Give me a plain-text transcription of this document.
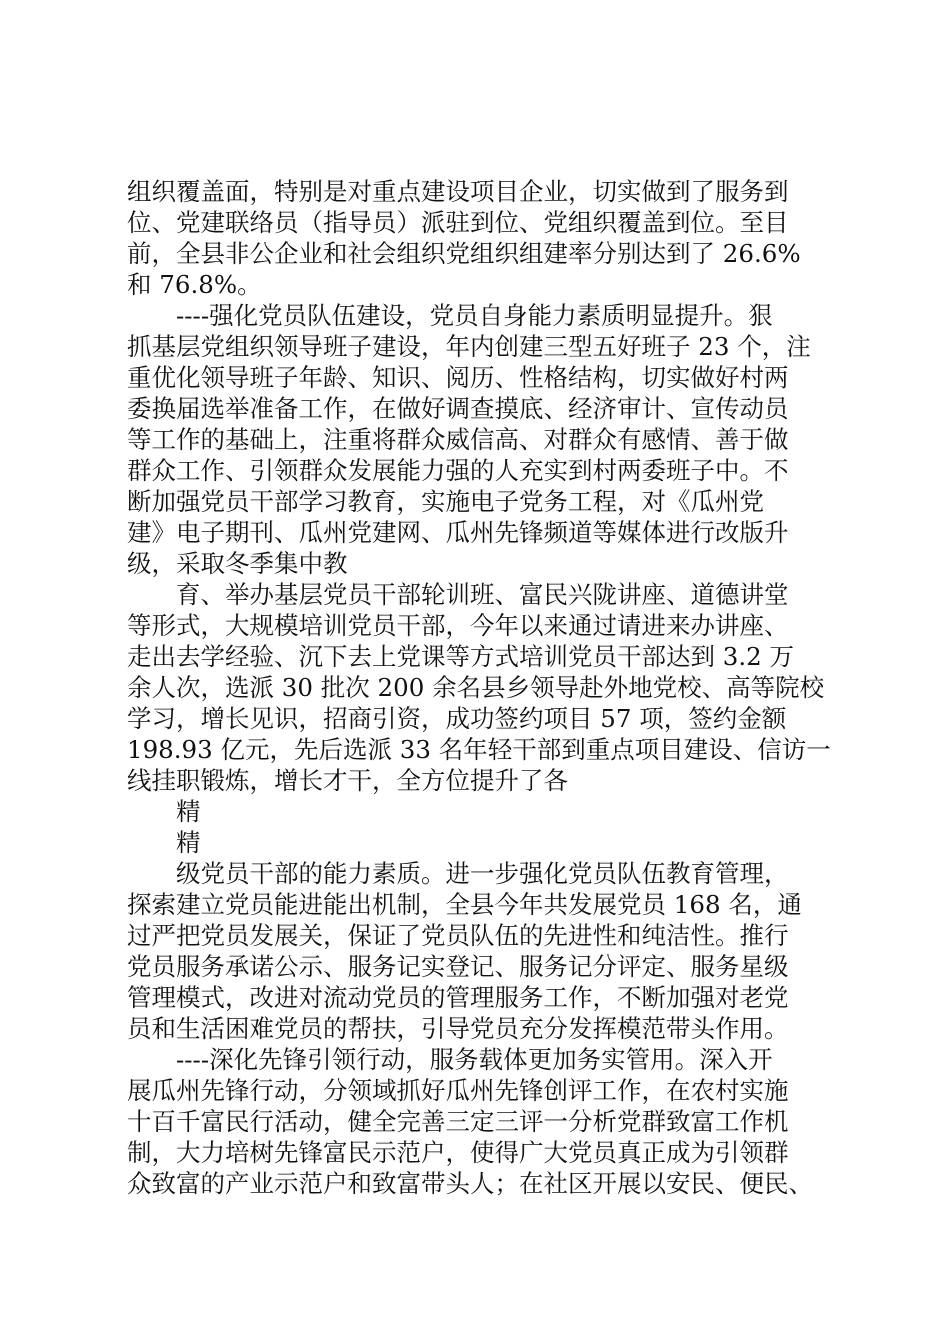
组织覆盖面，特别是对重点建设项目企业，切实做到了服务到

位、党建联络员（指导员）派驻到位、党组织覆盖到位。至目

前，全县非公企业和社会组织党组织组建率分别达到了 26.6%

和 76.8%。

----强化党员队伍建设，党员自身能力素质明显提升。狠

抓基层党组织领导班子建设，年内创建三型五好班子 23 个，注

重优化领导班子年龄、知识、阅历、性格结构，切实做好村两

委换届选举准备工作，在做好调查摸底、经济审计、宣传动员

等工作的基础上，注重将群众威信高、对群众有感情、善于做

群众工作、引领群众发展能力强的人充实到村两委班子中。不

断加强党员干部学习教育，实施电子党务工程，对《瓜州党

建》电子期刊、瓜州党建网、瓜州先锋频道等媒体进行改版升

级，采取冬季集中教

育、举办基层党员干部轮训班、富民兴陇讲座、道德讲堂

等形式，大规模培训党员干部，今年以来通过请进来办讲座、

走出去学经验、沉下去上党课等方式培训党员干部达到 3.2 万

余人次，选派 30 批次 200 余名县乡领导赴外地党校、高等院校

学习，增长见识，招商引资，成功签约项目 57 项，签约金额

198.93 亿元，先后选派 33 名年轻干部到重点项目建设、信访一

线挂职锻炼，增长才干，全方位提升了各

精

精

级党员干部的能力素质。进一步强化党员队伍教育管理，

探索建立党员能进能出机制，全县今年共发展党员 168 名，通

过严把党员发展关，保证了党员队伍的先进性和纯洁性。推行

党员服务承诺公示、服务记实登记、服务记分评定、服务星级

管理模式，改进对流动党员的管理服务工作，不断加强对老党

员和生活困难党员的帮扶，引导党员充分发挥模范带头作用。

----深化先锋引领行动，服务载体更加务实管用。深入开

展瓜州先锋行动，分领域抓好瓜州先锋创评工作，在农村实施

十百千富民行活动，健全完善三定三评一分析党群致富工作机

制，大力培树先锋富民示范户，使得广大党员真正成为引领群

众致富的产业示范户和致富带头人；在社区开展以安民、便民、
